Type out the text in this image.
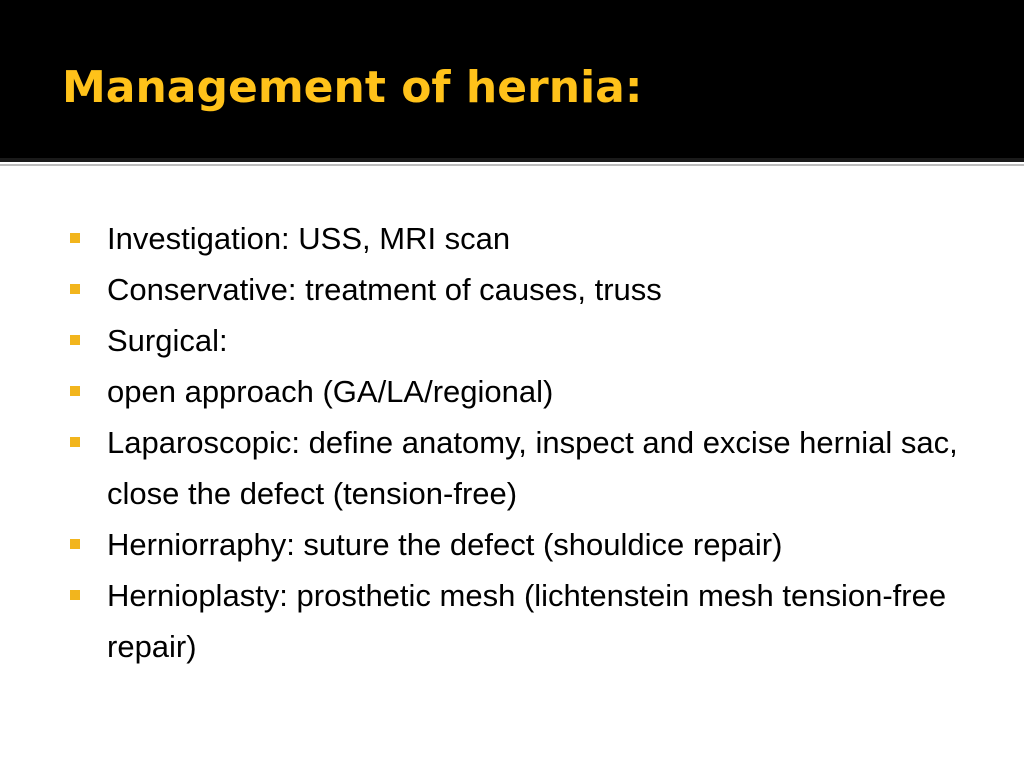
Management of hernia:
Investigation: USS, MRI scan
Conservative: treatment of causes, truss
Surgical:
open approach (GA/LA/regional)
Laparoscopic: define anatomy, inspect and excise hernial sac, close the defect (tension-free)
Herniorraphy: suture the defect (shouldice repair)
Hernioplasty: prosthetic mesh (lichtenstein mesh tension-free repair)
